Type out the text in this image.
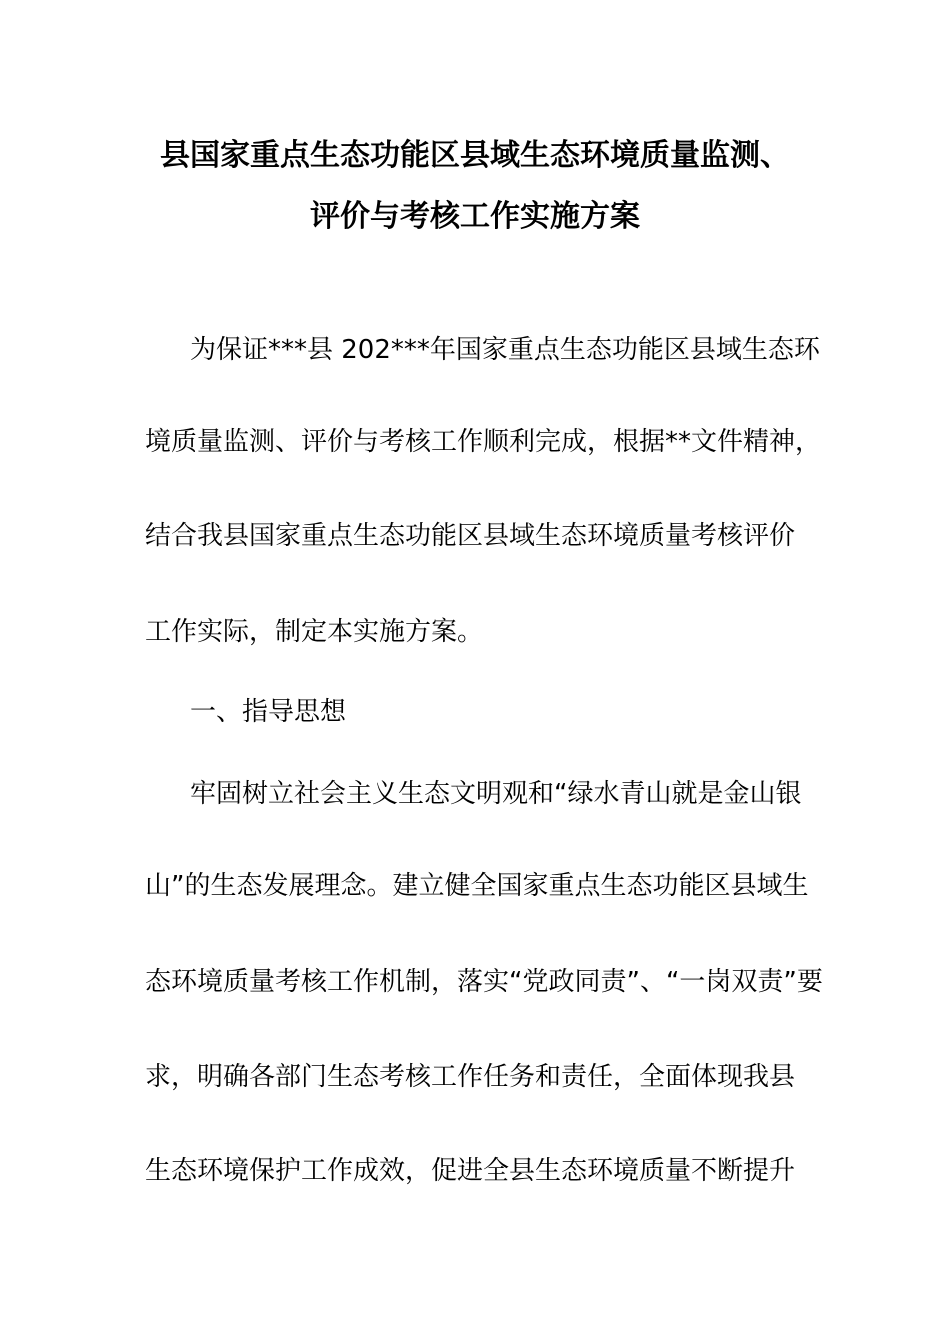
县国家重点生态功能区县域生态环境质量监测、
评价与考核工作实施方案
为保证***县 202***年国家重点生态功能区县域生态环
境质量监测、评价与考核工作顺利完成，根据**文件精神，
结合我县国家重点生态功能区县域生态环境质量考核评价
工作实际，制定本实施方案。
一、指导思想
牢固树立社会主义生态文明观和“绿水青山就是金山银
山”的生态发展理念。建立健全国家重点生态功能区县域生
态环境质量考核工作机制，落实“党政同责”、“一岗双责”要
求，明确各部门生态考核工作任务和责任，全面体现我县
生态环境保护工作成效，促进全县生态环境质量不断提升
